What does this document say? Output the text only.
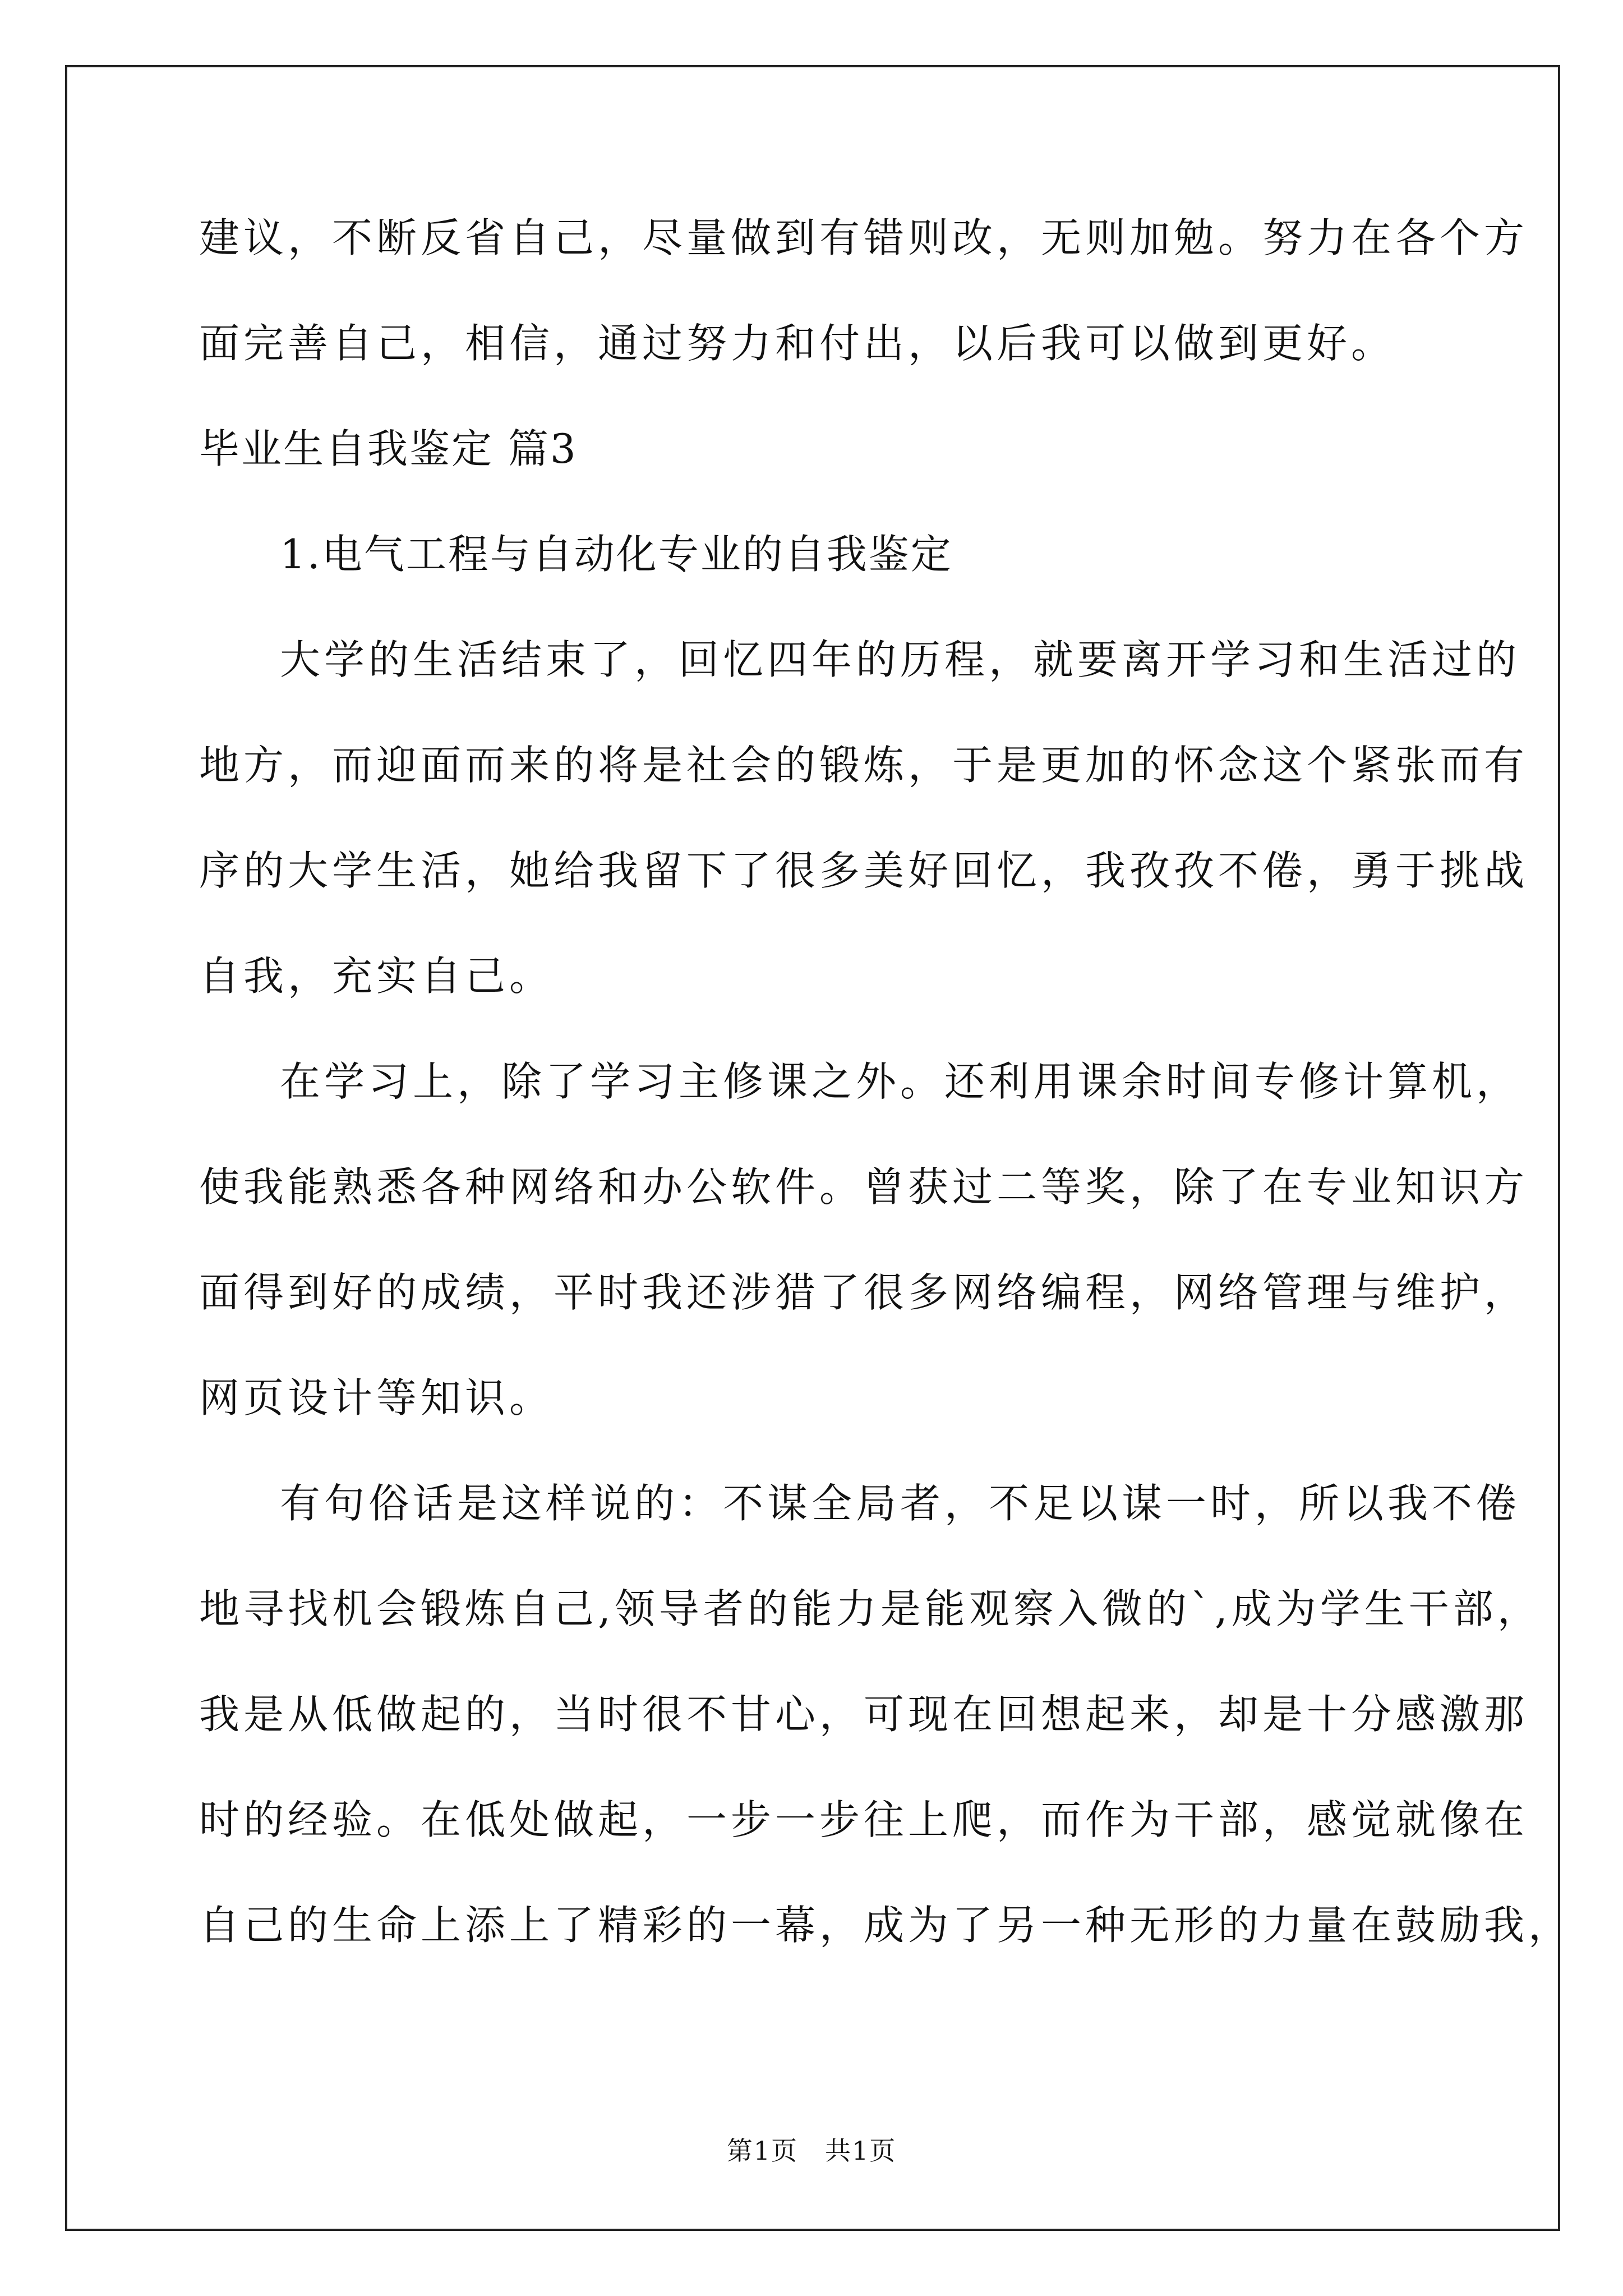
建议，不断反省自己，尽量做到有错则改，无则加勉。努力在各个方
面完善自己，相信，通过努力和付出，以后我可以做到更好。
毕业生自我鉴定 篇3
1.电气工程与自动化专业的自我鉴定
大学的生活结束了，回忆四年的历程，就要离开学习和生活过的
地方，而迎面而来的将是社会的锻炼，于是更加的怀念这个紧张而有
序的大学生活，她给我留下了很多美好回忆，我孜孜不倦，勇于挑战
自我，充实自己。
在学习上，除了学习主修课之外。还利用课余时间专修计算机，
使我能熟悉各种网络和办公软件。曾获过二等奖，除了在专业知识方
面得到好的成绩，平时我还涉猎了很多网络编程，网络管理与维护，
网页设计等知识。
有句俗话是这样说的：不谋全局者，不足以谋一时，所以我不倦
地寻找机会锻炼自己,领导者的能力是能观察入微的`,成为学生干部，
我是从低做起的，当时很不甘心，可现在回想起来，却是十分感激那
时的经验。在低处做起，一步一步往上爬，而作为干部，感觉就像在
自己的生命上添上了精彩的一幕，成为了另一种无形的力量在鼓励我，
第1页　共1页
